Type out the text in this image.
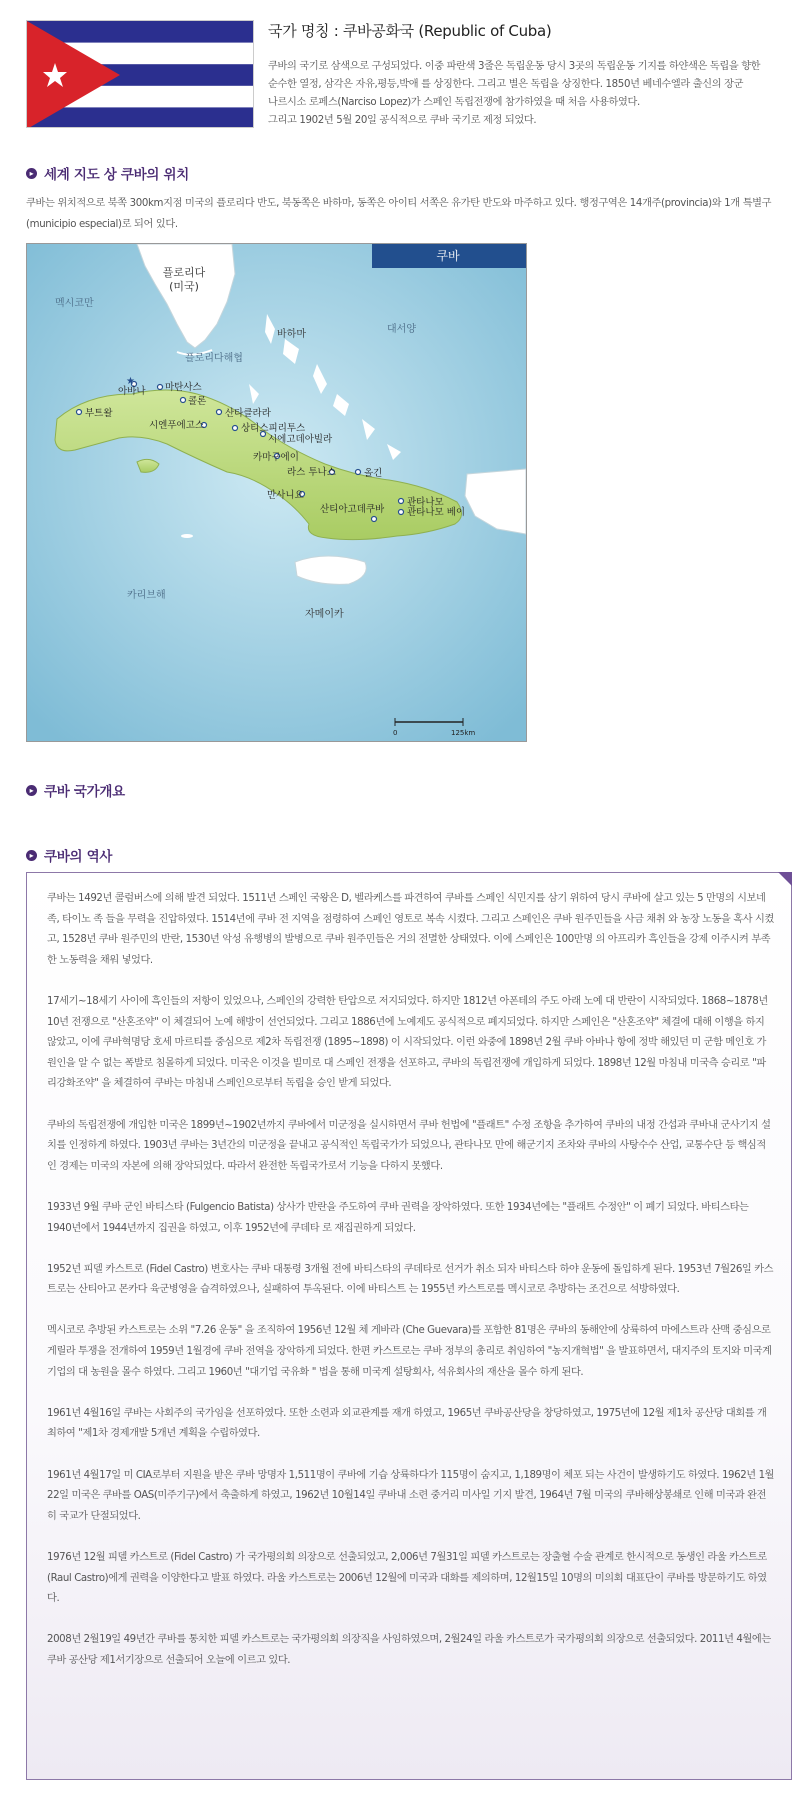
국가 명칭 : 쿠바공화국 (Republic of Cuba)

쿠바의 국기로 삼색으로 구성되었다. 이중 파란색 3줄은 독립운동 당시 3곳의 독립운동 기지를 하얀색은 독립을 향한

순수한 열정, 삼각은 자유,평등,박애 를 상징한다. 그리고 별은 독립을 상징한다. 1850년 베네수엘라 출신의 장군

나르시소 로페스(Narciso Lopez)가 스페인 독립전쟁에 참가하였을 때 처음 사용하였다.

그리고 1902년 5월 20일 공식적으로 쿠바 국기로 제정 되었다.

▸ 세계 지도 상 쿠바의 위치
쿠바는 위치적으로 북쪽 300km지점 미국의 플로리다 반도, 북동쪽은 바하마, 동쪽은 아이티 서쪽은 유가탄 반도와 마주하고 있다. 행정구역은 14개주(provincia)와 1개 특별구(municipio especial)로 되어 있다.
쿠바
플로리다
(미국)
멕시코만
바하마	대서양
플로리다해협
카리브해
자메이카
★
아바나 마탄사스
콜론
부트왈
시엔푸에고스
산타클라라
상티스피리투스
시에고데아빌라
카마구에이
라스 투나스	올긴
만사니요
관타나모
산티아고데쿠바 관타나모 베이
0	125km
▸ 쿠바 국가개요
▸ 쿠바의 역사

쿠바는 1492년 콜럼버스에 의해 발견 되었다. 1511년 스페인 국왕은 D, 벨라케스를 파견하여 쿠바를 스페인 식민지를 삼기 위하여 당시 쿠바에 살고 있는 5 만명의 시보네 족, 타이노 족 들을 무력을 진압하였다. 1514년에 쿠바 전 지역을 점령하여 스페인 영토로 복속 시켰다. 그리고 스페인은 쿠바 원주민들을 사금 채취 와 농장 노동을 혹사 시켰고, 1528년 쿠바 원주민의 반란, 1530년 악성 유행병의 발병으로 쿠바 원주민들은 거의 전멸한 상태였다. 이에 스페인은 100만명 의 아프리카 흑인들을 강제 이주시켜 부족한 노동력을 채워 넣었다.

17세기~18세기 사이에 흑인들의 저항이 있었으나, 스페인의 강력한 탄압으로 저지되었다. 하지만 1812년 아폰테의 주도 아래 노예 대 반란이 시작되었다. 1868~1878년 10년 전쟁으로 "산혼조약" 이 체결되어 노예 해방이 선언되었다. 그리고 1886년에 노예제도 공식적으로 폐지되었다. 하지만 스페인은 "산혼조약" 체결에 대해 이행을 하지 않았고, 이에 쿠바혁명당 호세 마르티를 중심으로 제2차 독립전쟁 (1895~1898) 이 시작되었다. 이런 와중에 1898년 2월 쿠바 아바나 항에 정박 해있던 미 군함 메인호 가 원인을 알 수 없는 폭발로 침몰하게 되었다. 미국은 이것을 빌미로 대 스페인 전쟁을 선포하고, 쿠바의 독립전쟁에 개입하게 되었다. 1898년 12월 마침내 미국측 승리로 "파리강화조약" 을 체결하여 쿠바는 마침내 스페인으로부터 독립을 승인 받게 되었다.

쿠바의 독립전쟁에 개입한 미국은 1899년~1902년까지 쿠바에서 미군정을 실시하면서 쿠바 헌법에 "플래트" 수정 조항을 추가하여 쿠바의 내정 간섭과 쿠바내 군사기지 설치를 인정하게 하였다. 1903년 쿠바는 3년간의 미군정을 끝내고 공식적인 독립국가가 되었으나, 관타나모 만에 해군기지 조차와 쿠바의 사탕수수 산업, 교통수단 등 핵심적인 경제는 미국의 자본에 의해 장악되었다. 따라서 완전한 독립국가로서 기능을 다하지 못했다.

1933년 9월 쿠바 군인 바티스타 (Fulgencio Batista) 상사가 반란을 주도하여 쿠바 권력을 장악하였다. 또한 1934년에는 "플래트 수정안" 이 폐기 되었다. 바티스타는 1940년에서 1944년까지 집권을 하였고, 이후 1952년에 쿠데타 로 재집권하게 되었다.

1952년 피델 카스트로 (Fidel Castro) 변호사는 쿠바 대통령 3개월 전에 바티스타의 쿠데타로 선거가 취소 되자 바티스타 하야 운동에 돌입하게 된다. 1953년 7월26일 카스트로는 산티아고 몬카다 육군병영을 습격하였으나, 실패하여 투옥된다. 이에 바티스트 는 1955년 카스트로를 멕시코로 추방하는 조건으로 석방하였다.

멕시코로 추방된 카스트로는 소위 "7.26 운동" 을 조직하여 1956년 12월 체 게바라 (Che Guevara)를 포함한 81명은 쿠바의 동해안에 상륙하여 마에스트라 산맥 중심으로 게릴라 투쟁을 전개하여 1959년 1월경에 쿠바 전역을 장악하게 되었다. 한편 카스트로는 쿠바 정부의 총리로 취임하여 "농지개혁법" 을 발표하면서, 대지주의 토지와 미국계 기업의 대 농원을 몰수 하였다. 그리고 1960년 "대기업 국유화 " 법을 통해 미국계 설탕회사, 석유회사의 재산을 몰수 하게 된다.

1961년 4월16일 쿠바는 사회주의 국가임을 선포하였다. 또한 소련과 외교관계를 재개 하였고, 1965년 쿠바공산당을 창당하였고, 1975년에 12월 제1차 공산당 대회를 개최하여 "제1차 경제개발 5개년 계획을 수립하였다.

1961년 4월17일 미 CIA로부터 지원을 받은 쿠바 망명자 1,511명이 쿠바에 기습 상륙하다가 115명이 숨지고, 1,189명이 체포 되는 사건이 발생하기도 하였다. 1962년 1월22일 미국은 쿠바를 OAS(미주기구)에서 축출하게 하였고, 1962년 10월14일 쿠바내 소련 중거리 미사일 기지 발견, 1964년 7월 미국의 쿠바해상봉쇄로 인해 미국과 완전히 국교가 단절되었다.

1976년 12월 피델 카스트로 (Fidel Castro) 가 국가평의회 의장으로 선출되었고, 2,006년 7월31일 피델 카스트로는 장출혈 수술 관계로 한시적으로 동생인 라울 카스트로 (Raul Castro)에게 권력을 이양한다고 발표 하였다. 라울 카스트로는 2006년 12월에 미국과 대화를 제의하며, 12월15일 10명의 미의회 대표단이 쿠바를 방문하기도 하였다.

2008년 2월19일 49년간 쿠바를 통치한 피델 카스트로는 국가평의회 의장직을 사임하였으며, 2월24일 라울 카스트로가 국가평의회 의장으로 선출되었다. 2011년 4월에는 쿠바 공산당 제1서기장으로 선출되어 오늘에 이르고 있다.
